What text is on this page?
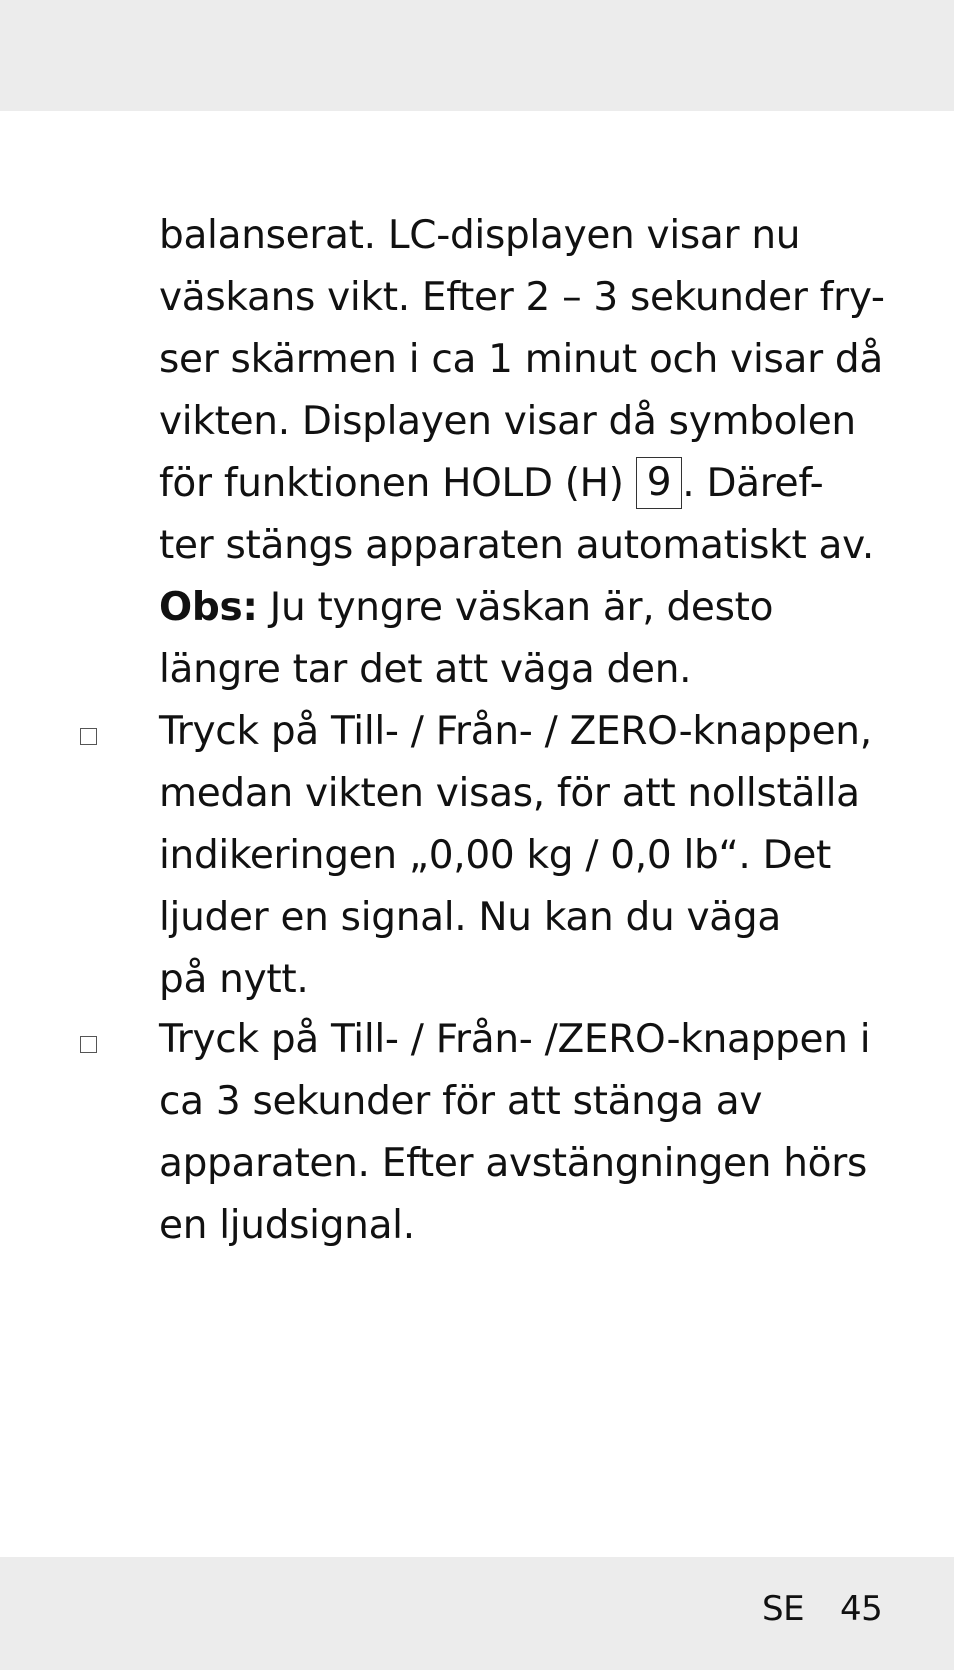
balanserat. LC-displayen visar nu
väskans vikt. Efter 2 – 3 sekunder fry-
ser skärmen i ca 1 minut och visar då
vikten. Displayen visar då symbolen
för funktionen HOLD (H) 9 . Däref-
ter stängs apparaten automatiskt av.
Obs: Ju tyngre väskan är, desto
längre tar det att väga den.
Tryck på Till- / Från- / ZERO-knappen,
medan vikten visas, för att nollställa
indikeringen „0,00 kg / 0,0 lb“. Det
ljuder en signal. Nu kan du väga
på nytt.
Tryck på Till- / Från- /ZERO-knappen i
ca 3 sekunder för att stänga av
apparaten. Efter avstängningen hörs
en ljudsignal.
SE 45
